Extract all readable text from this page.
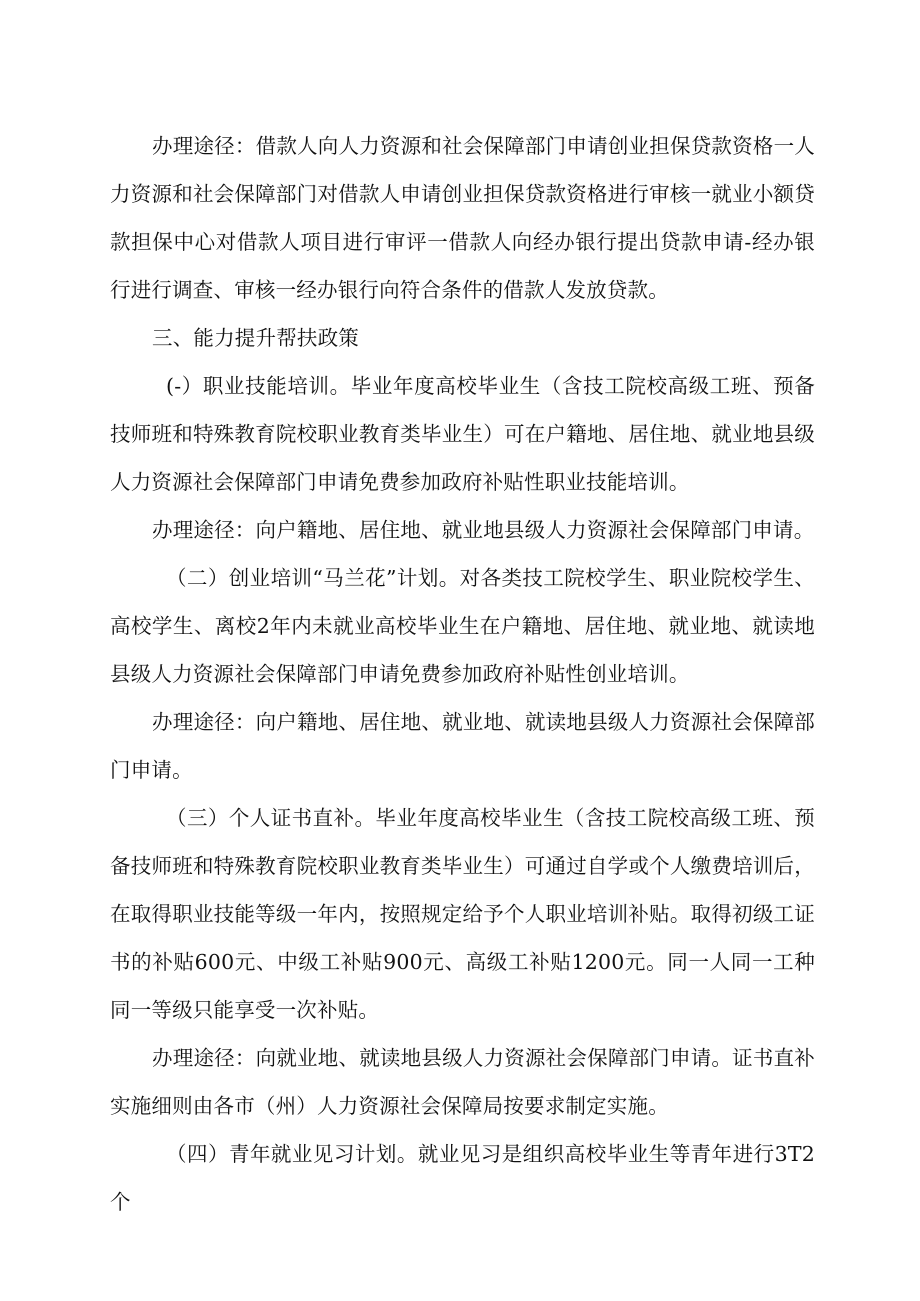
办理途径：借款人向人力资源和社会保障部门申请创业担保贷款资格一人力资源和社会保障部门对借款人申请创业担保贷款资格进行审核一就业小额贷款担保中心对借款人项目进行审评一借款人向经办银行提出贷款申请-经办银行进行调查、审核一经办银行向符合条件的借款人发放贷款。

三、能力提升帮扶政策

(-）职业技能培训。毕业年度高校毕业生（含技工院校高级工班、预备技师班和特殊教育院校职业教育类毕业生）可在户籍地、居住地、就业地县级人力资源社会保障部门申请免费参加政府补贴性职业技能培训。

办理途径：向户籍地、居住地、就业地县级人力资源社会保障部门申请。

（二）创业培训“马兰花”计划。对各类技工院校学生、职业院校学生、高校学生、离校2年内未就业高校毕业生在户籍地、居住地、就业地、就读地县级人力资源社会保障部门申请免费参加政府补贴性创业培训。

办理途径：向户籍地、居住地、就业地、就读地县级人力资源社会保障部门申请。

（三）个人证书直补。毕业年度高校毕业生（含技工院校高级工班、预备技师班和特殊教育院校职业教育类毕业生）可通过自学或个人缴费培训后，在取得职业技能等级一年内，按照规定给予个人职业培训补贴。取得初级工证书的补贴600元、中级工补贴900元、高级工补贴1200元。同一人同一工种同一等级只能享受一次补贴。

办理途径：向就业地、就读地县级人力资源社会保障部门申请。证书直补实施细则由各市（州）人力资源社会保障局按要求制定实施。

（四）青年就业见习计划。就业见习是组织高校毕业生等青年进行3T2个
